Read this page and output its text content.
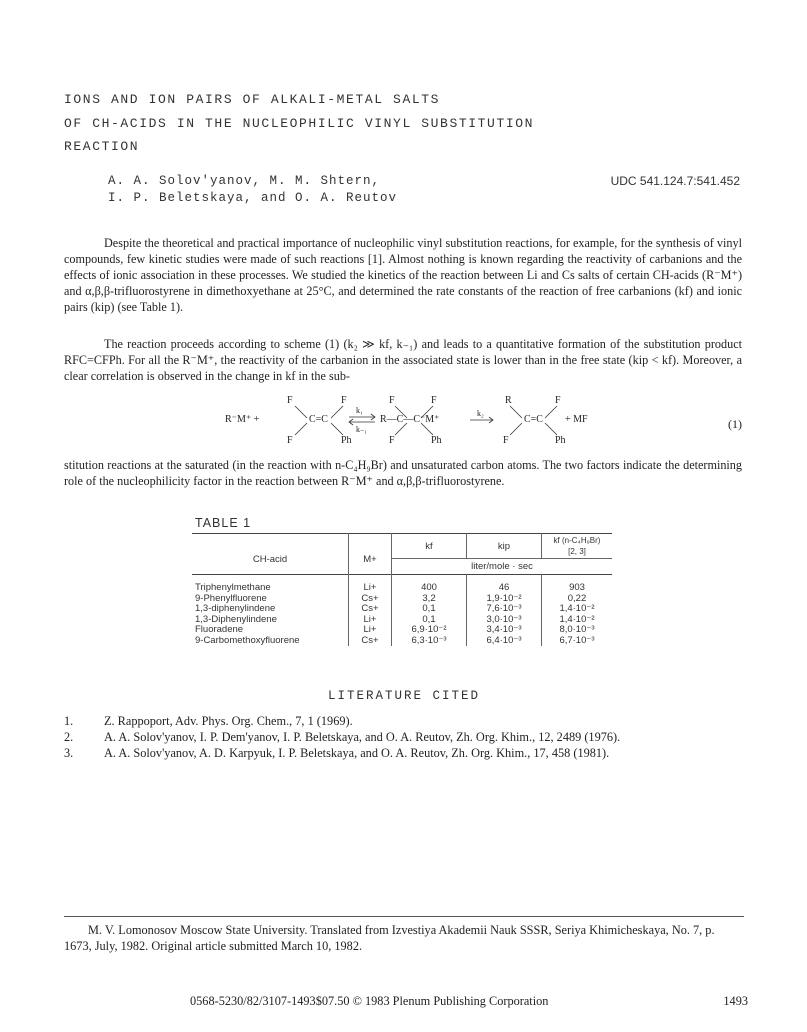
IONS AND ION PAIRS OF ALKALI-METAL SALTS
OF CH-ACIDS IN THE NUCLEOPHILIC VINYL SUBSTITUTION
REACTION
A. A. Solov'yanov, M. M. Shtern,
I. P. Beletskaya, and O. A. Reutov
UDC 541.124.7:541.452

Despite the theoretical and practical importance of nucleophilic vinyl substitution reactions, for example, for the synthesis of vinyl compounds, few kinetic studies were made of such reactions [1]. Almost nothing is known regarding the reactivity of carbanions and the effects of ionic association in these processes. We studied the kinetics of the reaction between Li and Cs salts of certain CH-acids (R⁻M⁺) and α,β,β-trifluorostyrene in dimethoxyethane at 25°C, and determined the rate constants of the reaction of free carbanions (kf) and ionic pairs (kip) (see Table 1).

The reaction proceeds according to scheme (1) (k₂ ≫ kf, k₋₁) and leads to a quantitative formation of the substitution product RFC=CFPh. For all the R⁻M⁺, the reactivity of the carbanion in the associated state is lower than in the free state (kip < kf). Moreover, a clear correlation is observed in the change in kf in the sub-

R⁻M⁺ +
F	F
C=C
F	Ph
k₁
k₋₁
F	F
R—C—C⁻M⁺
F	Ph
k₂
R	F
C=C
F	Ph
+ MF	(1)

stitution reactions at the saturated (in the reaction with n-C₄H₉Br) and unsaturated carbon atoms. The two factors indicate the determining role of the nucleophilicity factor in the reaction between R⁻M⁺ and α,β,β-trifluorostyrene.

TABLE 1
CH-acid	M+	kf	kip	kf (n-C₄H₉Br)
[2, 3]

		liter/mole · sec		
Triphenylmethane	Li+	400	46	903
9-Phenylfluorene	Cs+	3,2	1,9·10⁻²	0,22
1,3-diphenylindene	Cs+	0,1	7,6·10⁻³	1,4·10⁻²
1,3-Diphenylindene	Li+	0,1	3,0·10⁻³	1,4·10⁻²
Fluoradene	Li+	6,9·10⁻²	3,4·10⁻³	8,0·10⁻³
9-Carbomethoxyfluorene	Cs+	6,3·10⁻³	6,4·10⁻³	6,7·10⁻³
LITERATURE CITED
1.	Z. Rappoport, Adv. Phys. Org. Chem., 7, 1 (1969).
2.	A. A. Solov'yanov, I. P. Dem'yanov, I. P. Beletskaya, and O. A. Reutov, Zh. Org. Khim., 12, 2489 (1976).
3.	A. A. Solov'yanov, A. D. Karpyuk, I. P. Beletskaya, and O. A. Reutov, Zh. Org. Khim., 17, 458 (1981).
M. V. Lomonosov Moscow State University. Translated from Izvestiya Akademii Nauk SSSR, Seriya Khimicheskaya, No. 7, p. 1673, July, 1982. Original article submitted March 10, 1982.
0568-5230/82/3107-1493$07.50 © 1983 Plenum Publishing Corporation	1493
